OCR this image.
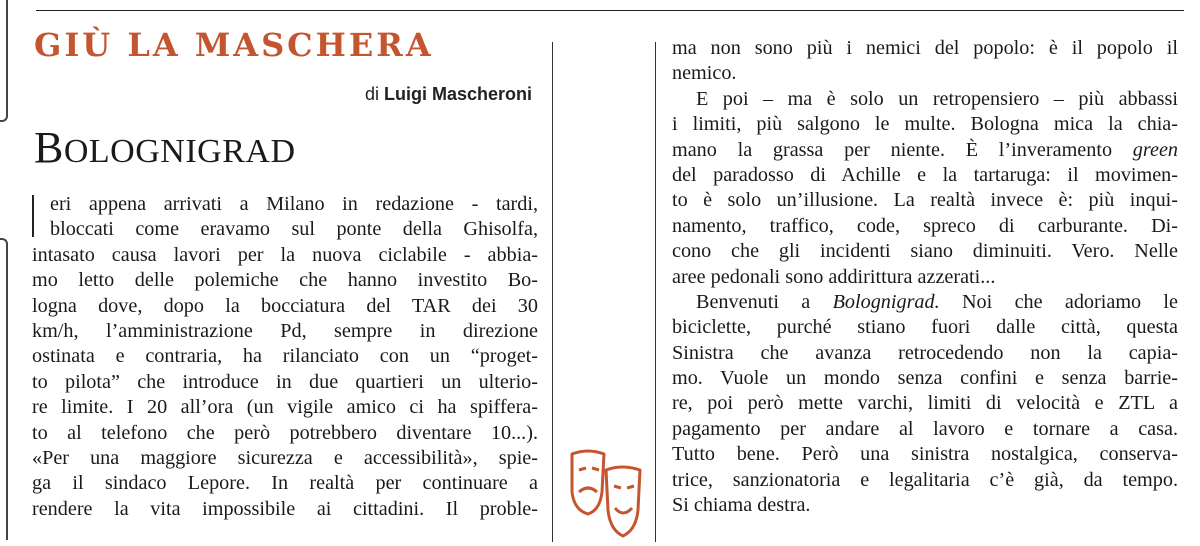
GIÙ LA MASCHERA
di Luigi Mascheroni
BOLOGNIGRAD
eri appena arrivati a Milano in redazione - tardi,
bloccati come eravamo sul ponte della Ghisolfa,
intasato causa lavori per la nuova ciclabile - abbia-
mo letto delle polemiche che hanno investito Bo-
logna dove, dopo la bocciatura del TAR dei 30
km/h, l’amministrazione Pd, sempre in direzione
ostinata e contraria, ha rilanciato con un “proget-
to pilota” che introduce in due quartieri un ulterio-
re limite. I 20 all’ora (un vigile amico ci ha spiffera-
to al telefono che però potrebbero diventare 10...).
«Per una maggiore sicurezza e accessibilità», spie-
ga il sindaco Lepore. In realtà per continuare a
rendere la vita impossibile ai cittadini. Il proble-
ma non sono più i nemici del popolo: è il popolo il
nemico.
E poi – ma è solo un retropensiero – più abbassi
i limiti, più salgono le multe. Bologna mica la chia-
mano la grassa per niente. È l’inveramento green
del paradosso di Achille e la tartaruga: il movimen-
to è solo un’illusione. La realtà invece è: più inqui-
namento, traffico, code, spreco di carburante. Di-
cono che gli incidenti siano diminuiti. Vero. Nelle
aree pedonali sono addirittura azzerati...
Benvenuti a Bolognigrad. Noi che adoriamo le
biciclette, purché stiano fuori dalle città, questa
Sinistra che avanza retrocedendo non la capia-
mo. Vuole un mondo senza confini e senza barrie-
re, poi però mette varchi, limiti di velocità e ZTL a
pagamento per andare al lavoro e tornare a casa.
Tutto bene. Però una sinistra nostalgica, conserva-
trice, sanzionatoria e legalitaria c’è già, da tempo.
Si chiama destra.
